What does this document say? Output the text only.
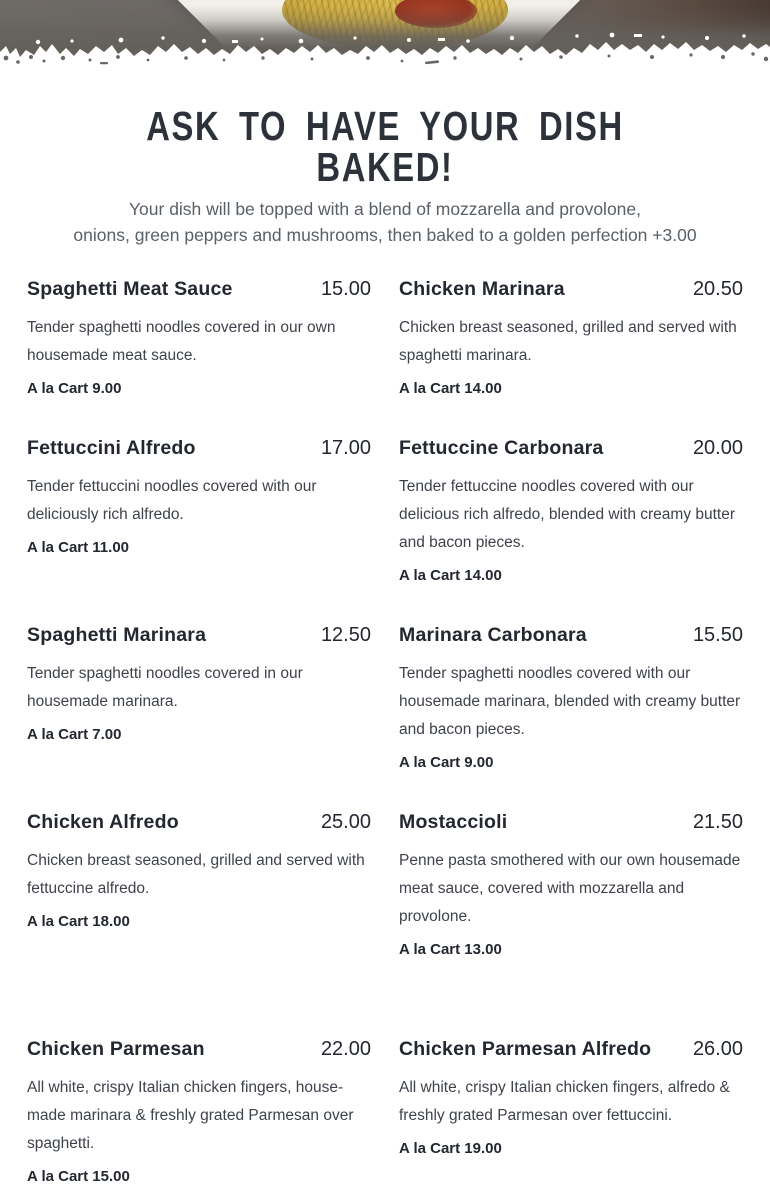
ASK TO HAVE YOUR DISH BAKED!
Your dish will be topped with a blend of mozzarella and provolone,
onions, green peppers and mushrooms, then baked to a golden perfection +3.00
Spaghetti Meat Sauce	15.00

Tender spaghetti noodles covered in our own housemade meat sauce.

A la Cart 9.00

Chicken Marinara	20.50

Chicken breast seasoned, grilled and served with spaghetti marinara.

A la Cart 14.00

Fettuccini Alfredo	17.00

Tender fettuccini noodles covered with our deliciously rich alfredo.

A la Cart 11.00

Fettuccine Carbonara	20.00

Tender fettuccine noodles covered with our delicious rich alfredo, blended with creamy butter and bacon pieces.

A la Cart 14.00

Spaghetti Marinara	12.50

Tender spaghetti noodles covered in our housemade marinara.

A la Cart 7.00

Marinara Carbonara	15.50

Tender spaghetti noodles covered with our housemade marinara, blended with creamy butter and bacon pieces.

A la Cart 9.00

Chicken Alfredo	25.00

Chicken breast seasoned, grilled and served with fettuccine alfredo.

A la Cart 18.00

Mostaccioli	21.50

Penne pasta smothered with our own housemade meat sauce, covered with mozzarella and provolone.

A la Cart 13.00

Chicken Parmesan	22.00

All white, crispy Italian chicken fingers, house-made marinara & freshly grated Parmesan over spaghetti.

A la Cart 15.00

Chicken Parmesan Alfredo 26.00

All white, crispy Italian chicken fingers, alfredo & freshly grated Parmesan over fettuccini.

A la Cart 19.00
